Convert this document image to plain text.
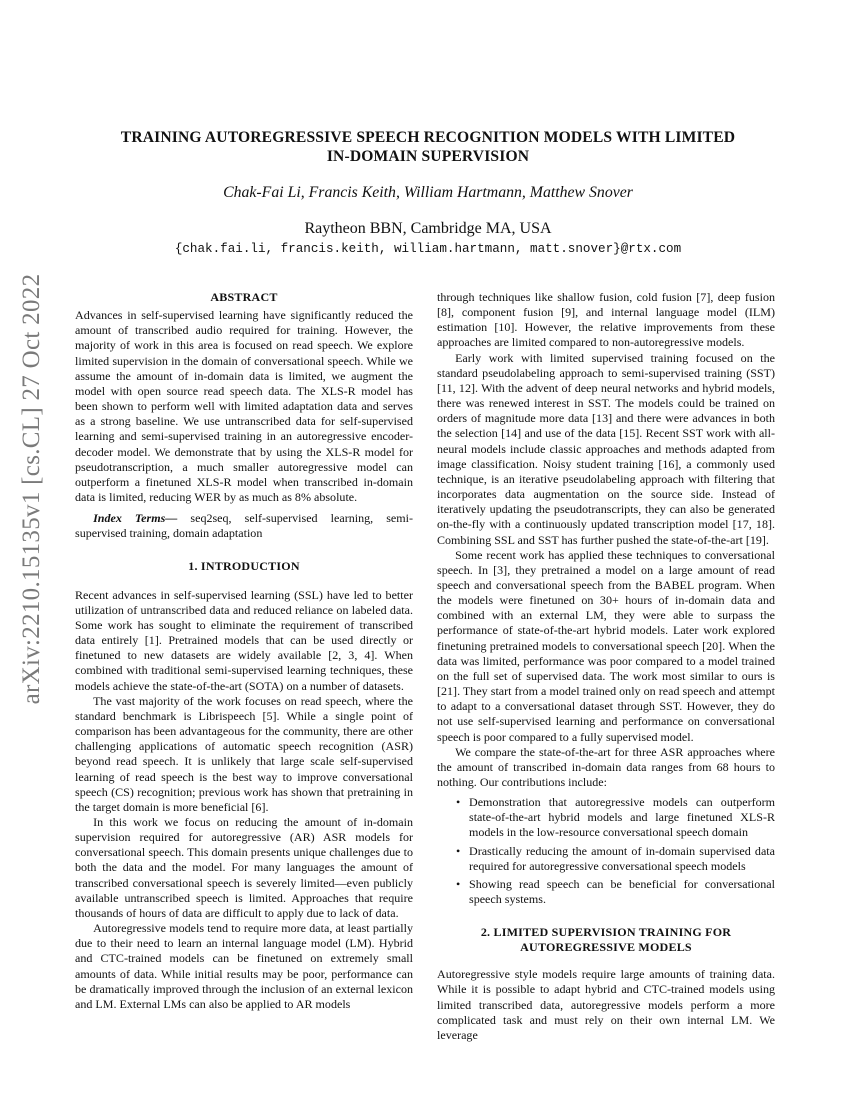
arXiv:2210.15135v1 [cs.CL] 27 Oct 2022
TRAINING AUTOREGRESSIVE SPEECH RECOGNITION MODELS WITH LIMITED
IN-DOMAIN SUPERVISION
Chak-Fai Li, Francis Keith, William Hartmann, Matthew Snover
Raytheon BBN, Cambridge MA, USA
{chak.fai.li, francis.keith, william.hartmann, matt.snover}@rtx.com
ABSTRACT

Advances in self-supervised learning have significantly reduced the amount of transcribed audio required for training. However, the majority of work in this area is focused on read speech. We explore limited supervision in the domain of conversational speech. While we assume the amount of in-domain data is limited, we augment the model with open source read speech data. The XLS-R model has been shown to perform well with limited adaptation data and serves as a strong baseline. We use untranscribed data for self-supervised learning and semi-supervised training in an autoregressive encoder-decoder model. We demonstrate that by using the XLS-R model for pseudotranscription, a much smaller autoregressive model can outperform a finetuned XLS-R model when transcribed in-domain data is limited, reducing WER by as much as 8% absolute.

Index Terms— seq2seq, self-supervised learning, semi-supervised training, domain adaptation

1. INTRODUCTION

Recent advances in self-supervised learning (SSL) have led to better utilization of untranscribed data and reduced reliance on labeled data. Some work has sought to eliminate the requirement of transcribed data entirely [1]. Pretrained models that can be used directly or finetuned to new datasets are widely available [2, 3, 4]. When combined with traditional semi-supervised learning techniques, these models achieve the state-of-the-art (SOTA) on a number of datasets.

The vast majority of the work focuses on read speech, where the standard benchmark is Librispeech [5]. While a single point of comparison has been advantageous for the community, there are other challenging applications of automatic speech recognition (ASR) beyond read speech. It is unlikely that large scale self-supervised learning of read speech is the best way to improve conversational speech (CS) recognition; previous work has shown that pretraining in the target domain is more beneficial [6].

In this work we focus on reducing the amount of in-domain supervision required for autoregressive (AR) ASR models for conversational speech. This domain presents unique challenges due to both the data and the model. For many languages the amount of transcribed conversational speech is severely limited—even publicly available untranscribed speech is limited. Approaches that require thousands of hours of data are difficult to apply due to lack of data.

Autoregressive models tend to require more data, at least partially due to their need to learn an internal language model (LM). Hybrid and CTC-trained models can be finetuned on extremely small amounts of data. While initial results may be poor, performance can be dramatically improved through the inclusion of an external lexicon and LM. External LMs can also be applied to AR models

through techniques like shallow fusion, cold fusion [7], deep fusion [8], component fusion [9], and internal language model (ILM) estimation [10]. However, the relative improvements from these approaches are limited compared to non-autoregressive models.

Early work with limited supervised training focused on the standard pseudolabeling approach to semi-supervised training (SST) [11, 12]. With the advent of deep neural networks and hybrid models, there was renewed interest in SST. The models could be trained on orders of magnitude more data [13] and there were advances in both the selection [14] and use of the data [15]. Recent SST work with all-neural models include classic approaches and methods adapted from image classification. Noisy student training [16], a commonly used technique, is an iterative pseudolabeling approach with filtering that incorporates data augmentation on the source side. Instead of iteratively updating the pseudotranscripts, they can also be generated on-the-fly with a continuously updated transcription model [17, 18]. Combining SSL and SST has further pushed the state-of-the-art [19].

Some recent work has applied these techniques to conversational speech. In [3], they pretrained a model on a large amount of read speech and conversational speech from the BABEL program. When the models were finetuned on 30+ hours of in-domain data and combined with an external LM, they were able to surpass the performance of state-of-the-art hybrid models. Later work explored finetuning pretrained models to conversational speech [20]. When the data was limited, performance was poor compared to a model trained on the full set of supervised data. The work most similar to ours is [21]. They start from a model trained only on read speech and attempt to adapt to a conversational dataset through SST. However, they do not use self-supervised learning and performance on conversational speech is poor compared to a fully supervised model.

We compare the state-of-the-art for three ASR approaches where the amount of transcribed in-domain data ranges from 68 hours to nothing. Our contributions include:

• Demonstration that autoregressive models can outperform state-of-the-art hybrid models and large finetuned XLS-R models in the low-resource conversational speech domain
• Drastically reducing the amount of in-domain supervised data required for autoregressive conversational speech models
• Showing read speech can be beneficial for conversational speech systems.
2. LIMITED SUPERVISION TRAINING FOR
AUTOREGRESSIVE MODELS

Autoregressive style models require large amounts of training data. While it is possible to adapt hybrid and CTC-trained models using limited transcribed data, autoregressive models perform a more complicated task and must rely on their own internal LM. We leverage
